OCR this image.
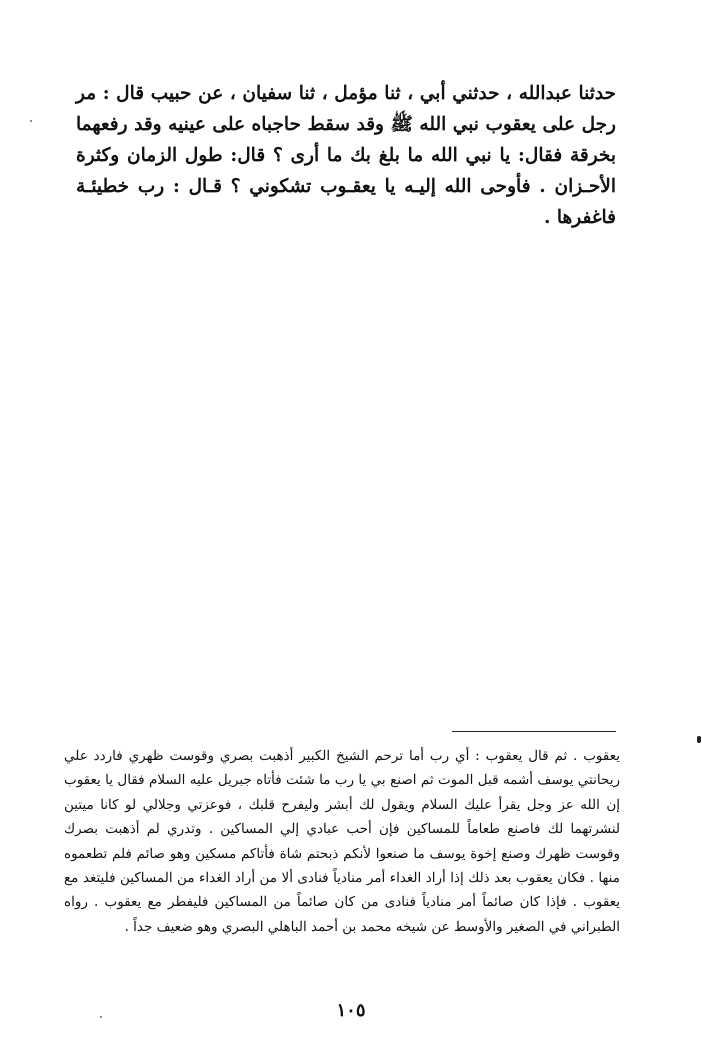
حدثنا عبدالله ، حدثني أبي ، ثنا مؤمل ، ثنا سفيان ، عن حبيب قال : مر رجل على يعقوب نبي الله ﷺ وقد سقط حاجباه على عينيه وقد رفعهما بخرقة فقال: يا نبي الله ما بلغ بك ما أرى ؟ قال: طول الزمان وكثرة الأحـزان . فأوحى الله إليـه يا يعقـوب تشكوني ؟ قـال : رب خطيئـة فاغفرها .

يعقوب . ثم قال يعقوب : أي رب أما ترحم الشيخ الكبير أذهبت بصري وقوست ظهري فاردد علي ريحانتي يوسف أشمه قبل الموت ثم اصنع بي يا رب ما شئت فأتاه جبريل عليه السلام فقال يا يعقوب إن الله عز وجل يقرأ عليك السلام ويقول لك أبشر وليفرح قلبك ، فوعزتي وجلالي لو كانا ميتين لنشرتهما لك فاصنع طعاماً للمساكين فإن أحب عبادي إلي المساكين . وتدري لم أذهبت بصرك وقوست ظهرك وصنع إخوة يوسف ما صنعوا لأنكم ذبحتم شاة فأتاكم مسكين وهو صائم فلم تطعموه منها . فكان يعقوب بعد ذلك إذا أراد الغداء أمر منادياً فنادى ألا من أراد الغداء من المساكين فليتغد مع يعقوب . فإذا كان صائماً أمر منادياً فنادى من كان صائماً من المساكين فليفطر مع يعقوب . رواه الطبراني في الصغير والأوسط عن شيخه محمد بن أحمد الباهلي البصري وهو ضعيف جداً .

١٠٥
